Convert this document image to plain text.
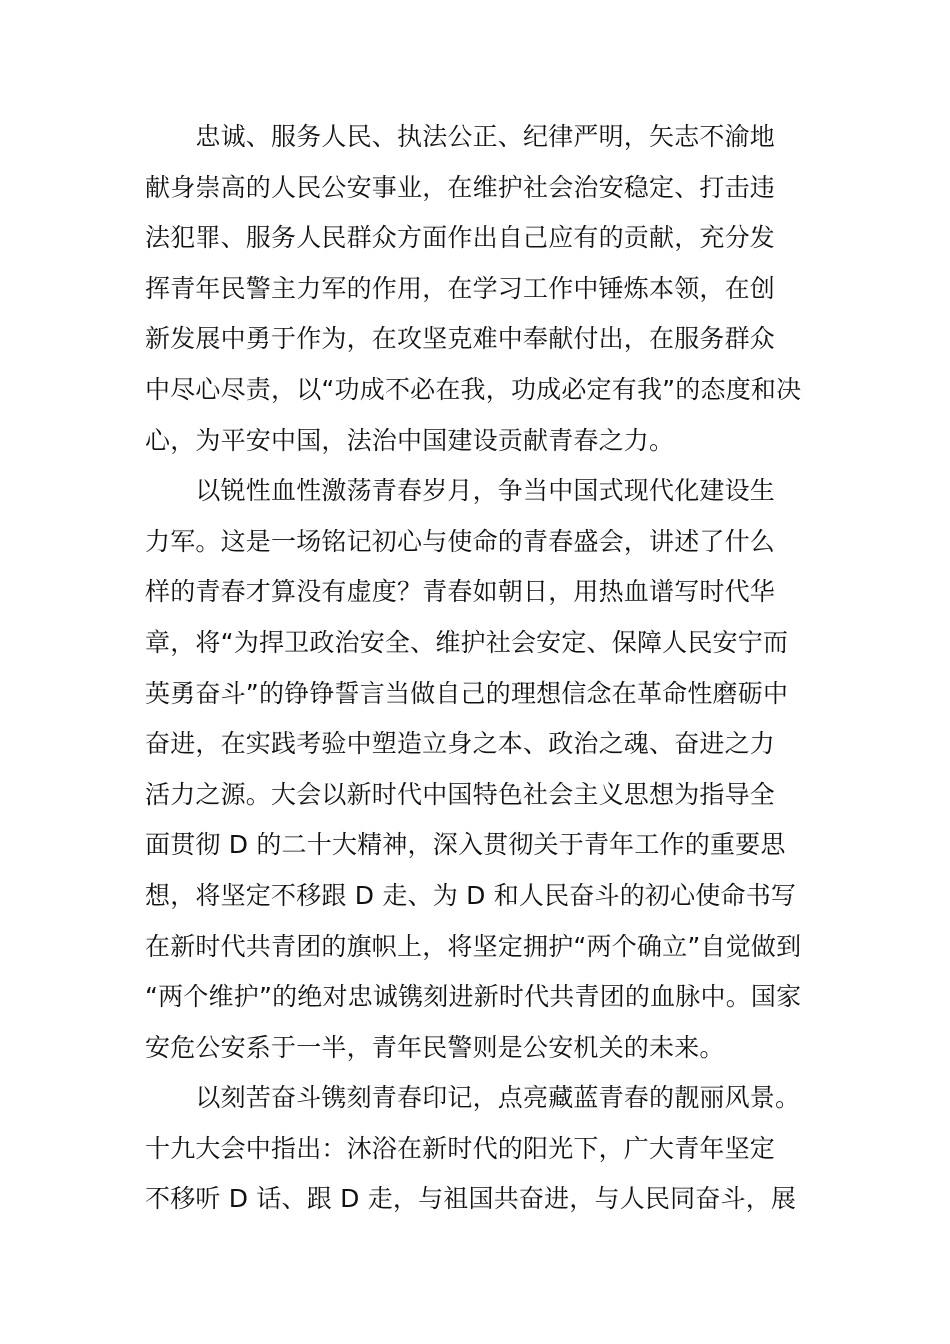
　　忠诚、服务人民、执法公正、纪律严明，矢志不渝地
献身崇高的人民公安事业，在维护社会治安稳定、打击违
法犯罪、服务人民群众方面作出自己应有的贡献，充分发
挥青年民警主力军的作用，在学习工作中锤炼本领，在创
新发展中勇于作为，在攻坚克难中奉献付出，在服务群众
中尽心尽责，以“功成不必在我，功成必定有我”的态度和决
心，为平安中国，法治中国建设贡献青春之力。
　　以锐性血性激荡青春岁月，争当中国式现代化建设生
力军。这是一场铭记初心与使命的青春盛会，讲述了什么
样的青春才算没有虚度？青春如朝日，用热血谱写时代华
章，将“为捍卫政治安全、维护社会安定、保障人民安宁而
英勇奋斗”的铮铮誓言当做自己的理想信念在革命性磨砺中
奋进，在实践考验中塑造立身之本、政治之魂、奋进之力
活力之源。大会以新时代中国特色社会主义思想为指导全
面贯彻 D 的二十大精神，深入贯彻关于青年工作的重要思
想，将坚定不移跟 D 走、为 D 和人民奋斗的初心使命书写
在新时代共青团的旗帜上，将坚定拥护“两个确立”自觉做到
“两个维护”的绝对忠诚镌刻进新时代共青团的血脉中。国家
安危公安系于一半，青年民警则是公安机关的未来。
　　以刻苦奋斗镌刻青春印记，点亮藏蓝青春的靓丽风景。
十九大会中指出：沐浴在新时代的阳光下，广大青年坚定
不移听 D 话、跟 D 走，与祖国共奋进，与人民同奋斗，展
